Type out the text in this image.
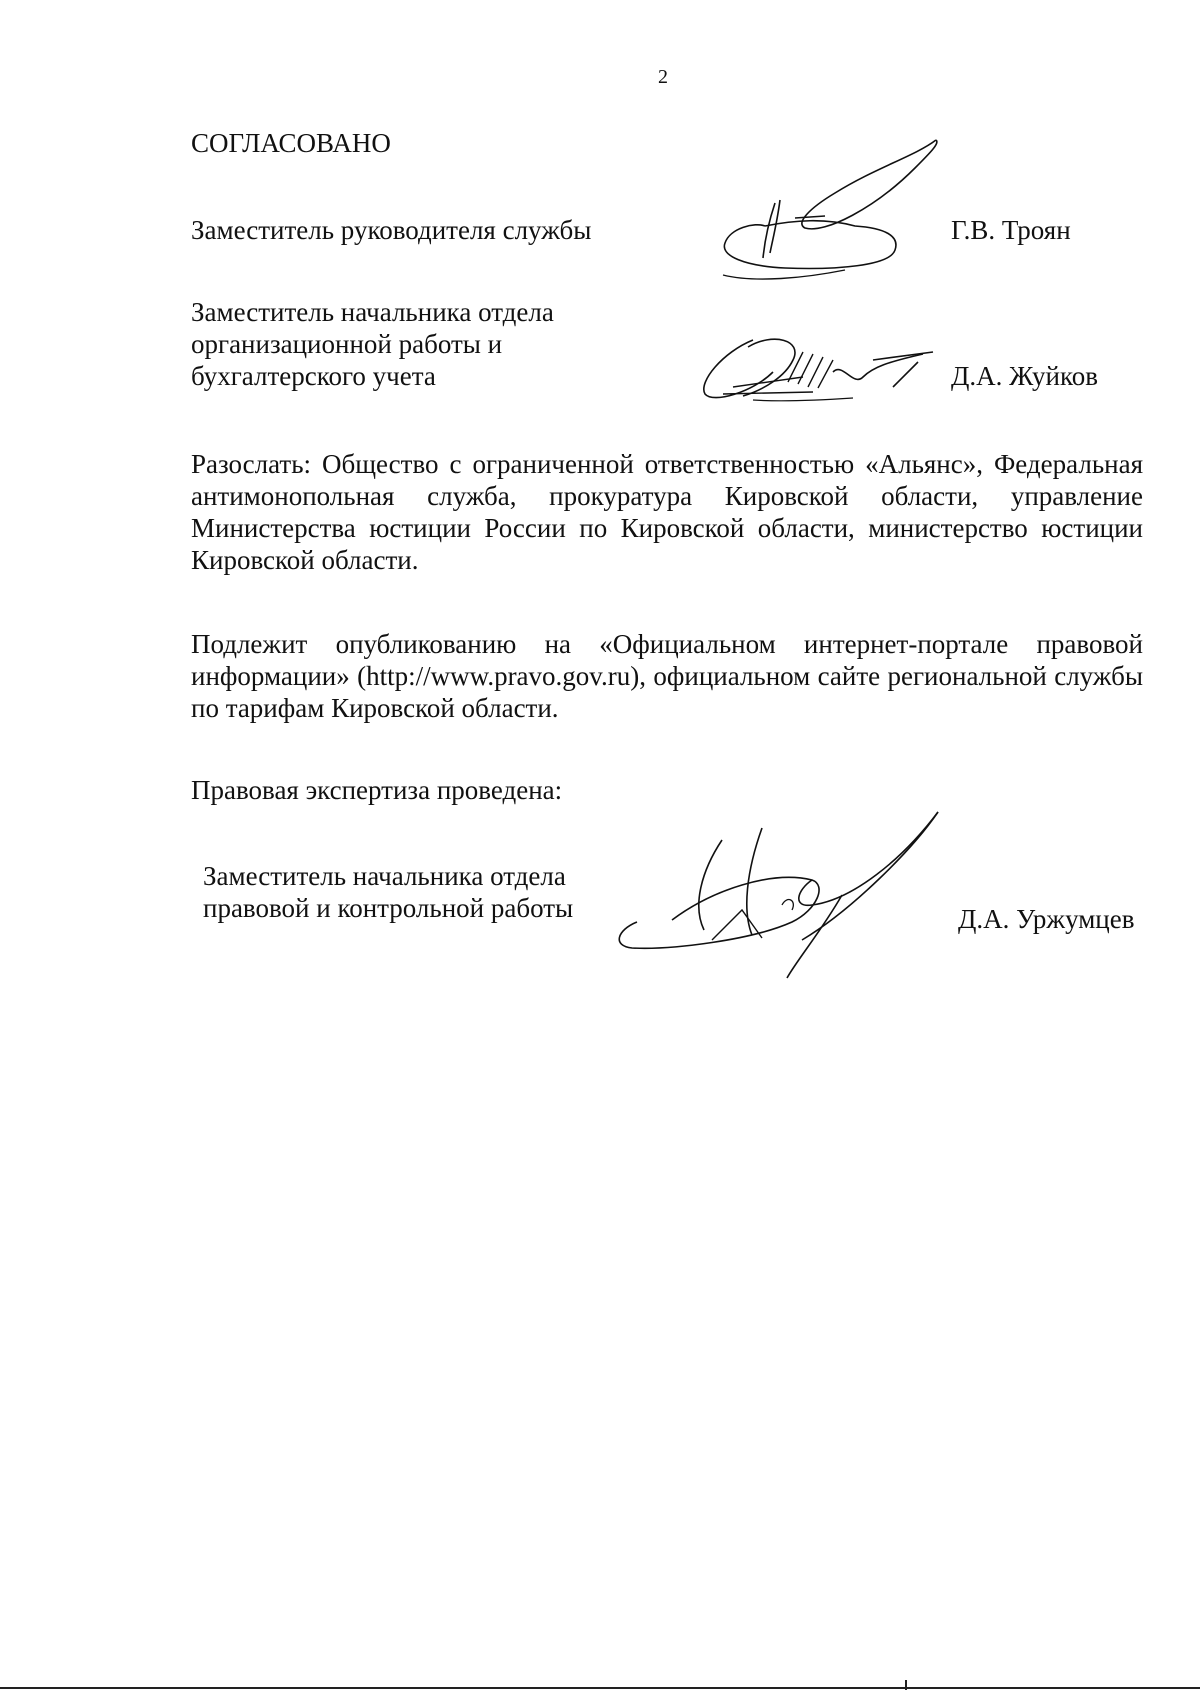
2
СОГЛАСОВАНО
Заместитель руководителя службы	Г.В. Троян
Заместитель начальника отдела
организационной работы и
бухгалтерского учета	Д.А. Жуйков
Разослать: Общество с ограниченной ответственностью «Альянс», Федеральная антимонопольная служба, прокуратура Кировской области, управление Министерства юстиции России по Кировской области, министерство юстиции Кировской области.
Подлежит опубликованию на «Официальном интернет-портале правовой информации» (http://www.pravo.gov.ru), официальном сайте региональной службы по тарифам Кировской области.
Правовая экспертиза проведена:
Заместитель начальника отдела
правовой и контрольной работы	Д.А. Уржумцев
